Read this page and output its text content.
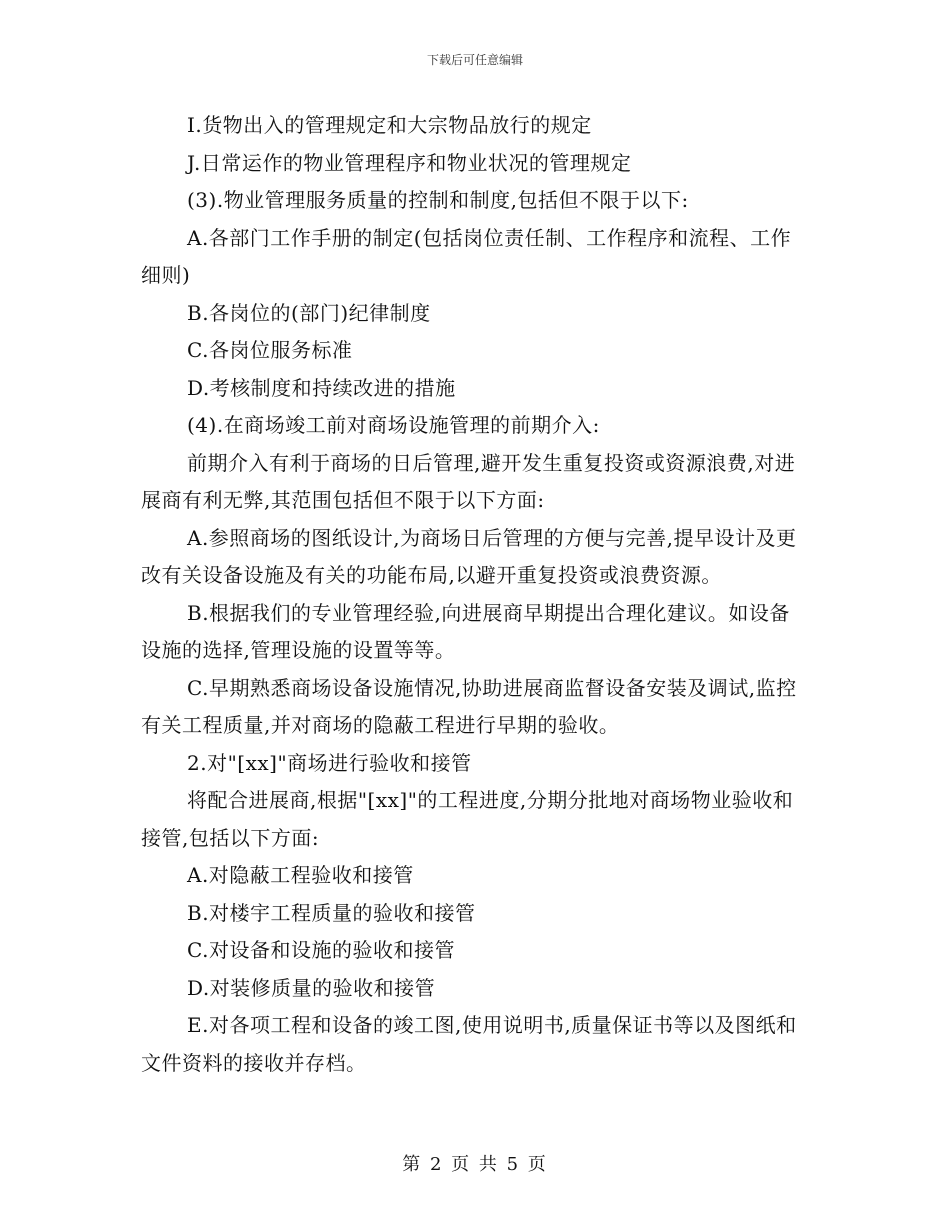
下载后可任意编辑

I.货物出入的管理规定和大宗物品放行的规定

J.日常运作的物业管理程序和物业状况的管理规定

(3).物业管理服务质量的控制和制度,包括但不限于以下:

A.各部门工作手册的制定(包括岗位责任制、工作程序和流程、工作细则)

B.各岗位的(部门)纪律制度

C.各岗位服务标准

D.考核制度和持续改进的措施

(4).在商场竣工前对商场设施管理的前期介入:

前期介入有利于商场的日后管理,避开发生重复投资或资源浪费,对进展商有利无弊,其范围包括但不限于以下方面:

A.参照商场的图纸设计,为商场日后管理的方便与完善,提早设计及更改有关设备设施及有关的功能布局,以避开重复投资或浪费资源。

B.根据我们的专业管理经验,向进展商早期提出合理化建议。如设备设施的选择,管理设施的设置等等。

C.早期熟悉商场设备设施情况,协助进展商监督设备安装及调试,监控有关工程质量,并对商场的隐蔽工程进行早期的验收。

2.对"[xx]"商场进行验收和接管

将配合进展商,根据"[xx]"的工程进度,分期分批地对商场物业验收和接管,包括以下方面:

A.对隐蔽工程验收和接管

B.对楼宇工程质量的验收和接管

C.对设备和设施的验收和接管

D.对装修质量的验收和接管

E.对各项工程和设备的竣工图,使用说明书,质量保证书等以及图纸和文件资料的接收并存档。

第 2 页 共 5 页
